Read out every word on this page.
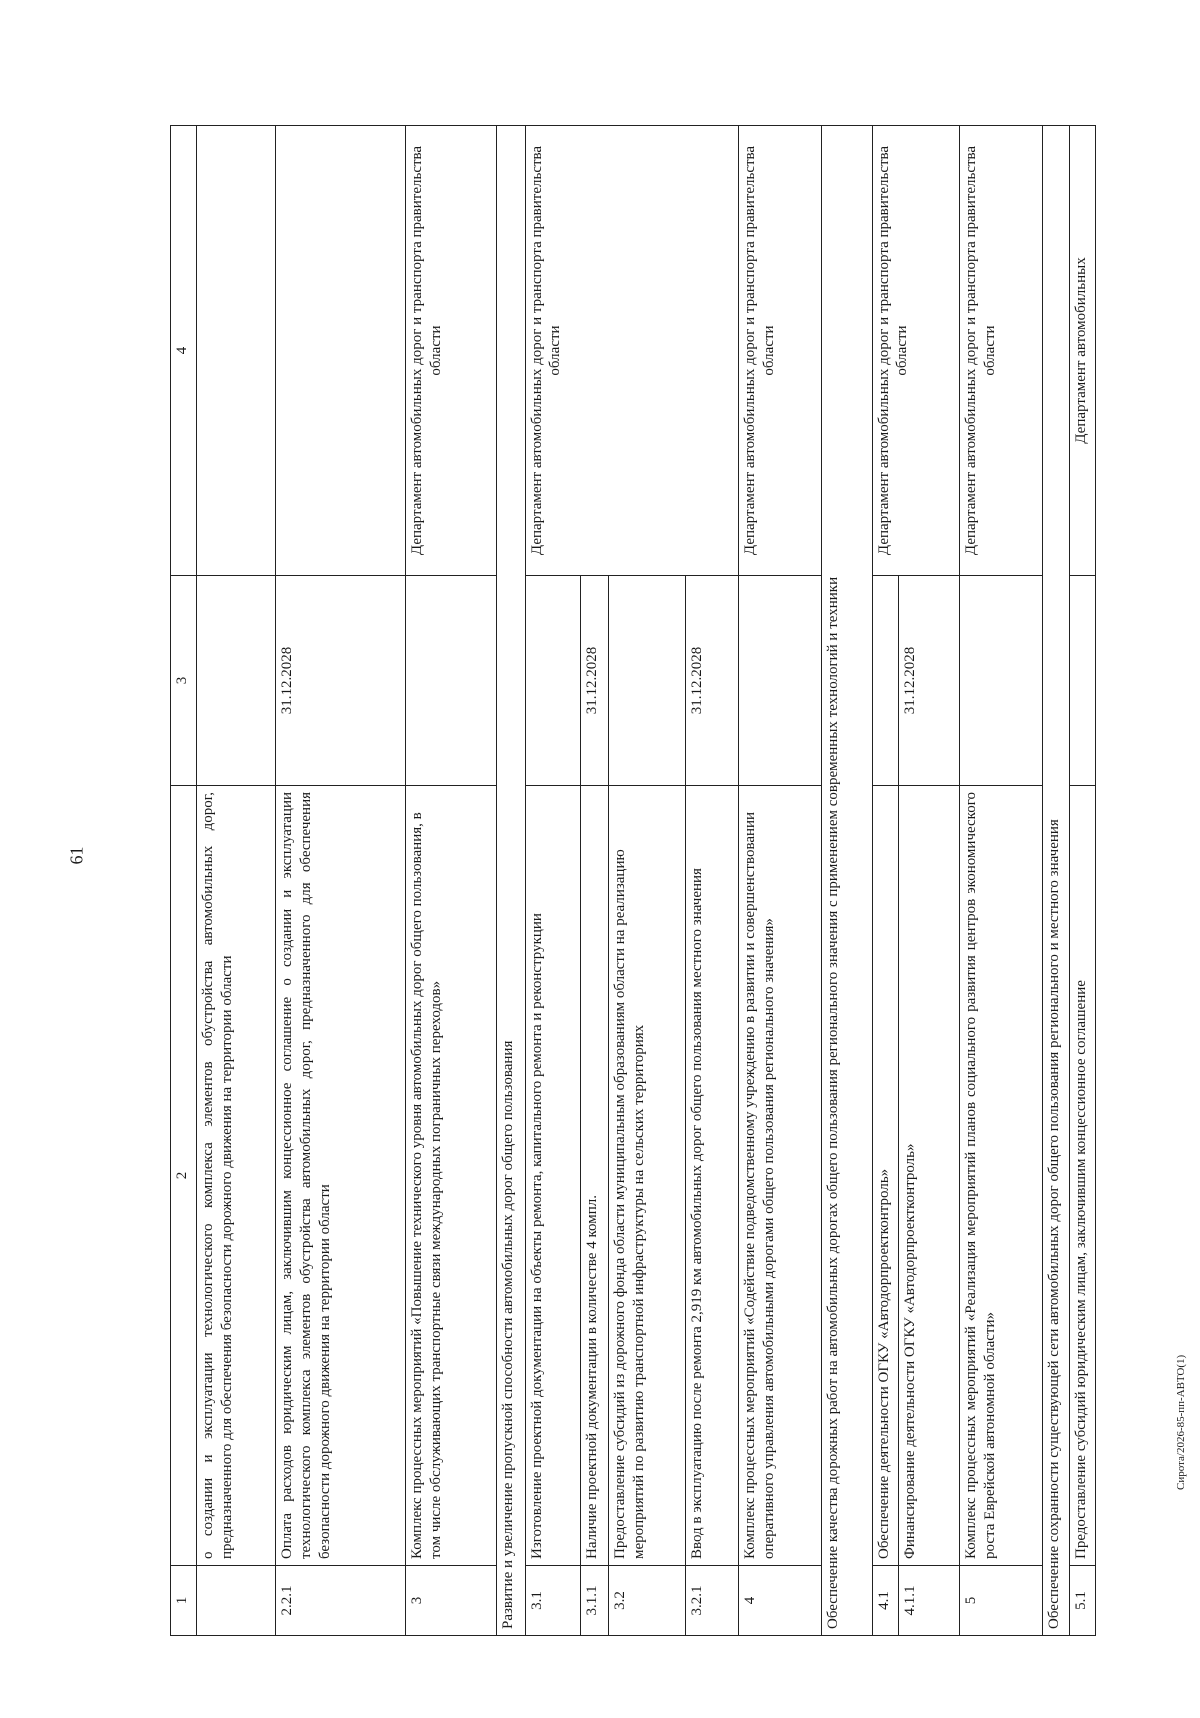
61
1	2	3	4
	о создании и эксплуатации технологического комплекса элементов обустройства автомобильных дорог, предназначенного для обеспечения безопасности дорожного движения на территории области		
2.2.1	Оплата расходов юридическим лицам, заключившим концессионное соглашение о создании и эксплуатации технологического комплекса элементов обустройства автомобильных дорог, предназначенного для обеспечения безопасности дорожного движения на территории области	31.12.2028	
3	Комплекс процессных мероприятий «Повышение технического уровня автомобильных дорог общего пользования, в том числе обслуживающих транспортные связи международных пограничных переходов»		Департамент автомобильных дорог и транспорта правительства области
Развитие и увеличение пропускной способности автомобильных дорог общего пользования			
3.1	Изготовление проектной документации на объекты ремонта, капитального ремонта и реконструкции		Департамент автомобильных дорог и транспорта правительства области
3.1.1	Наличие проектной документации в количестве 4 компл.	31.12.2028	
3.2	Предоставление субсидий из дорожного фонда области муниципальным образованиям области на реализацию мероприятий по развитию транспортной инфраструктуры на сельских территориях		
3.2.1	Ввод в эксплуатацию после ремонта 2,919 км автомобильных дорог общего пользования местного значения	31.12.2028	
4	Комплекс процессных мероприятий «Содействие подведомственному учреждению в развитии и совершенствовании оперативного управления автомобильными дорогами общего пользования регионального значения»		Департамент автомобильных дорог и транспорта правительства области
Обеспечение качества дорожных работ на автомобильных дорогах общего пользования регионального значения с применением современных технологий и техники			
4.1	Обеспечение деятельности ОГКУ «Автодорпроектконтроль»		Департамент автомобильных дорог и транспорта правительства области
4.1.1	Финансирование деятельности ОГКУ «Автодорпроектконтроль»	31.12.2028	
5	Комплекс процессных мероприятий «Реализация мероприятий планов социального развития центров экономического роста Еврейской автономной области»		Департамент автомобильных дорог и транспорта правительства области
Обеспечение сохранности существующей сети автомобильных дорог общего пользования регионального и местного значения			
5.1	Предоставление субсидий юридическим лицам, заключившим концессионное соглашение		Департамент автомобильных
Сирота/2026-85-пп-АВТО(1)
